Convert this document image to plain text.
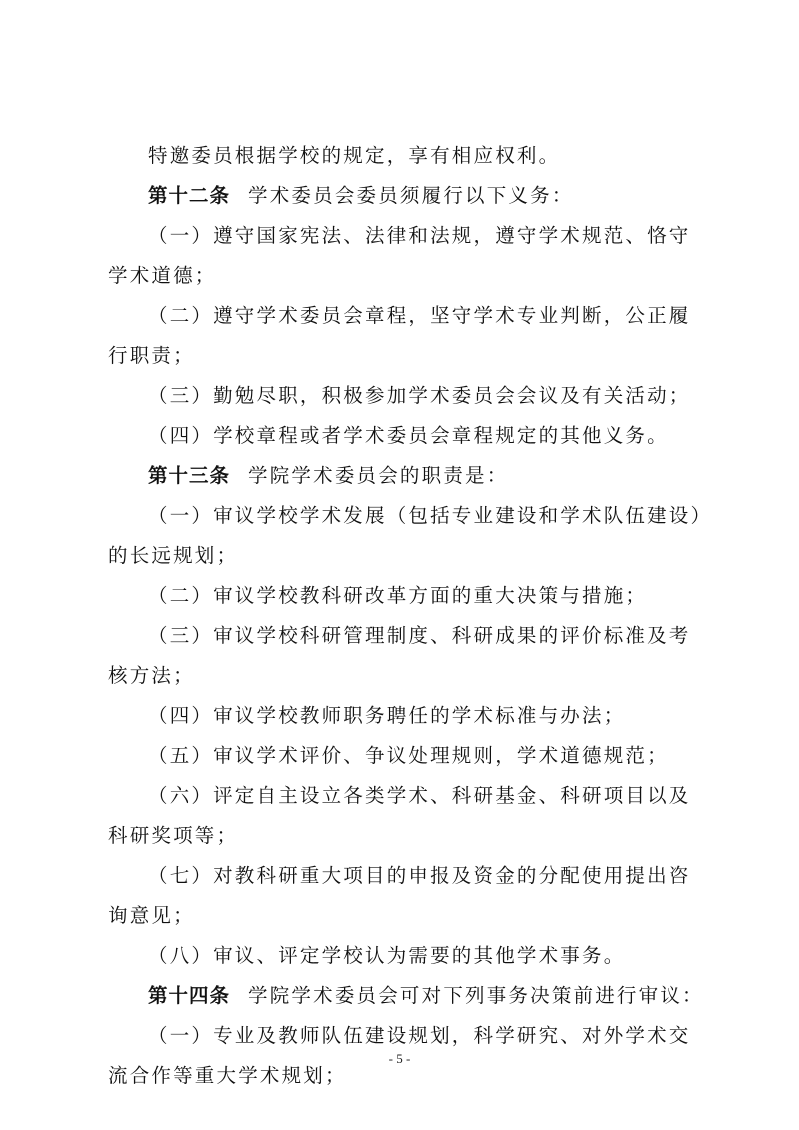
特邀委员根据学校的规定，享有相应权利。
第十二条 学术委员会委员须履行以下义务：
（一）遵守国家宪法、法律和法规，遵守学术规范、恪守
学术道德；
（二）遵守学术委员会章程，坚守学术专业判断，公正履
行职责；
（三）勤勉尽职，积极参加学术委员会会议及有关活动；
（四）学校章程或者学术委员会章程规定的其他义务。
第十三条 学院学术委员会的职责是：
（一）审议学校学术发展（包括专业建设和学术队伍建设）
的长远规划；
（二）审议学校教科研改革方面的重大决策与措施；
（三）审议学校科研管理制度、科研成果的评价标准及考
核方法；
（四）审议学校教师职务聘任的学术标准与办法；
（五）审议学术评价、争议处理规则，学术道德规范；
（六）评定自主设立各类学术、科研基金、科研项目以及
科研奖项等；
（七）对教科研重大项目的申报及资金的分配使用提出咨
询意见；
（八）审议、评定学校认为需要的其他学术事务。
第十四条 学院学术委员会可对下列事务决策前进行审议：
（一）专业及教师队伍建设规划，科学研究、对外学术交
流合作等重大学术规划；
- 5 -
